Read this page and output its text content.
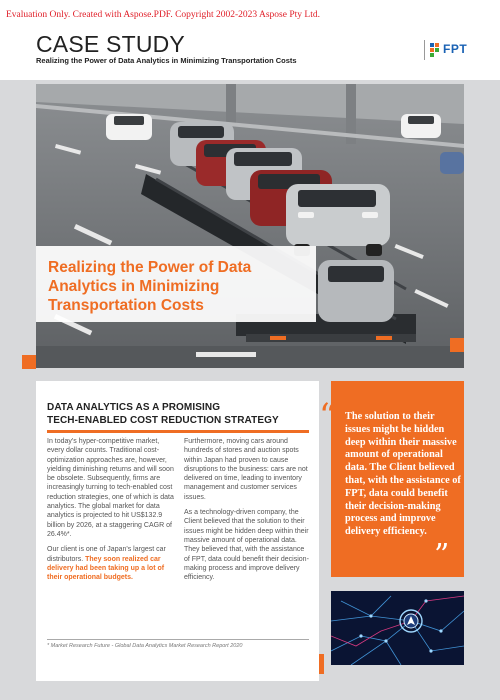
Evaluation Only. Created with Aspose.PDF. Copyright 2002-2023 Aspose Pty Ltd.
CASE STUDY
Realizing the Power of Data Analytics in Minimizing Transportation Costs
FPT
Realizing the Power of Data Analytics in Minimizing Transportation Costs
DATA ANALYTICS AS A PROMISING
TECH-ENABLED COST REDUCTION STRATEGY

In today's hyper-competitive market, every dollar counts. Traditional cost-optimization approaches are, however, yielding diminishing returns and will soon be obsolete. Subsequently, firms are increasingly turning to tech-enabled cost reduction strategies, one of which is data analytics. The global market for data analytics is projected to hit US$132.9 billion by 2026, at a staggering CAGR of 26.4%*.

Our client is one of Japan's largest car distributors. They soon realized car delivery had been taking up a lot of their operational budgets.

Furthermore, moving cars around hundreds of stores and auction spots within Japan had proven to cause disruptions to the business: cars are not delivered on time, leading to inventory management and customer services issues.

As a technology-driven company, the Client believed that the solution to their issues might be hidden deep within their massive amount of operational data. They believed that, with the assistance of FPT, data could benefit their decision-making process and improve delivery efficiency.

* Market Research Future - Global Data Analytics Market Research Report 2020
“ The solution to their issues might be hidden deep within their massive amount of operational data. The Client believed that, with the assistance of FPT, data could benefit their decision-making process and improve delivery efficiency.
”
